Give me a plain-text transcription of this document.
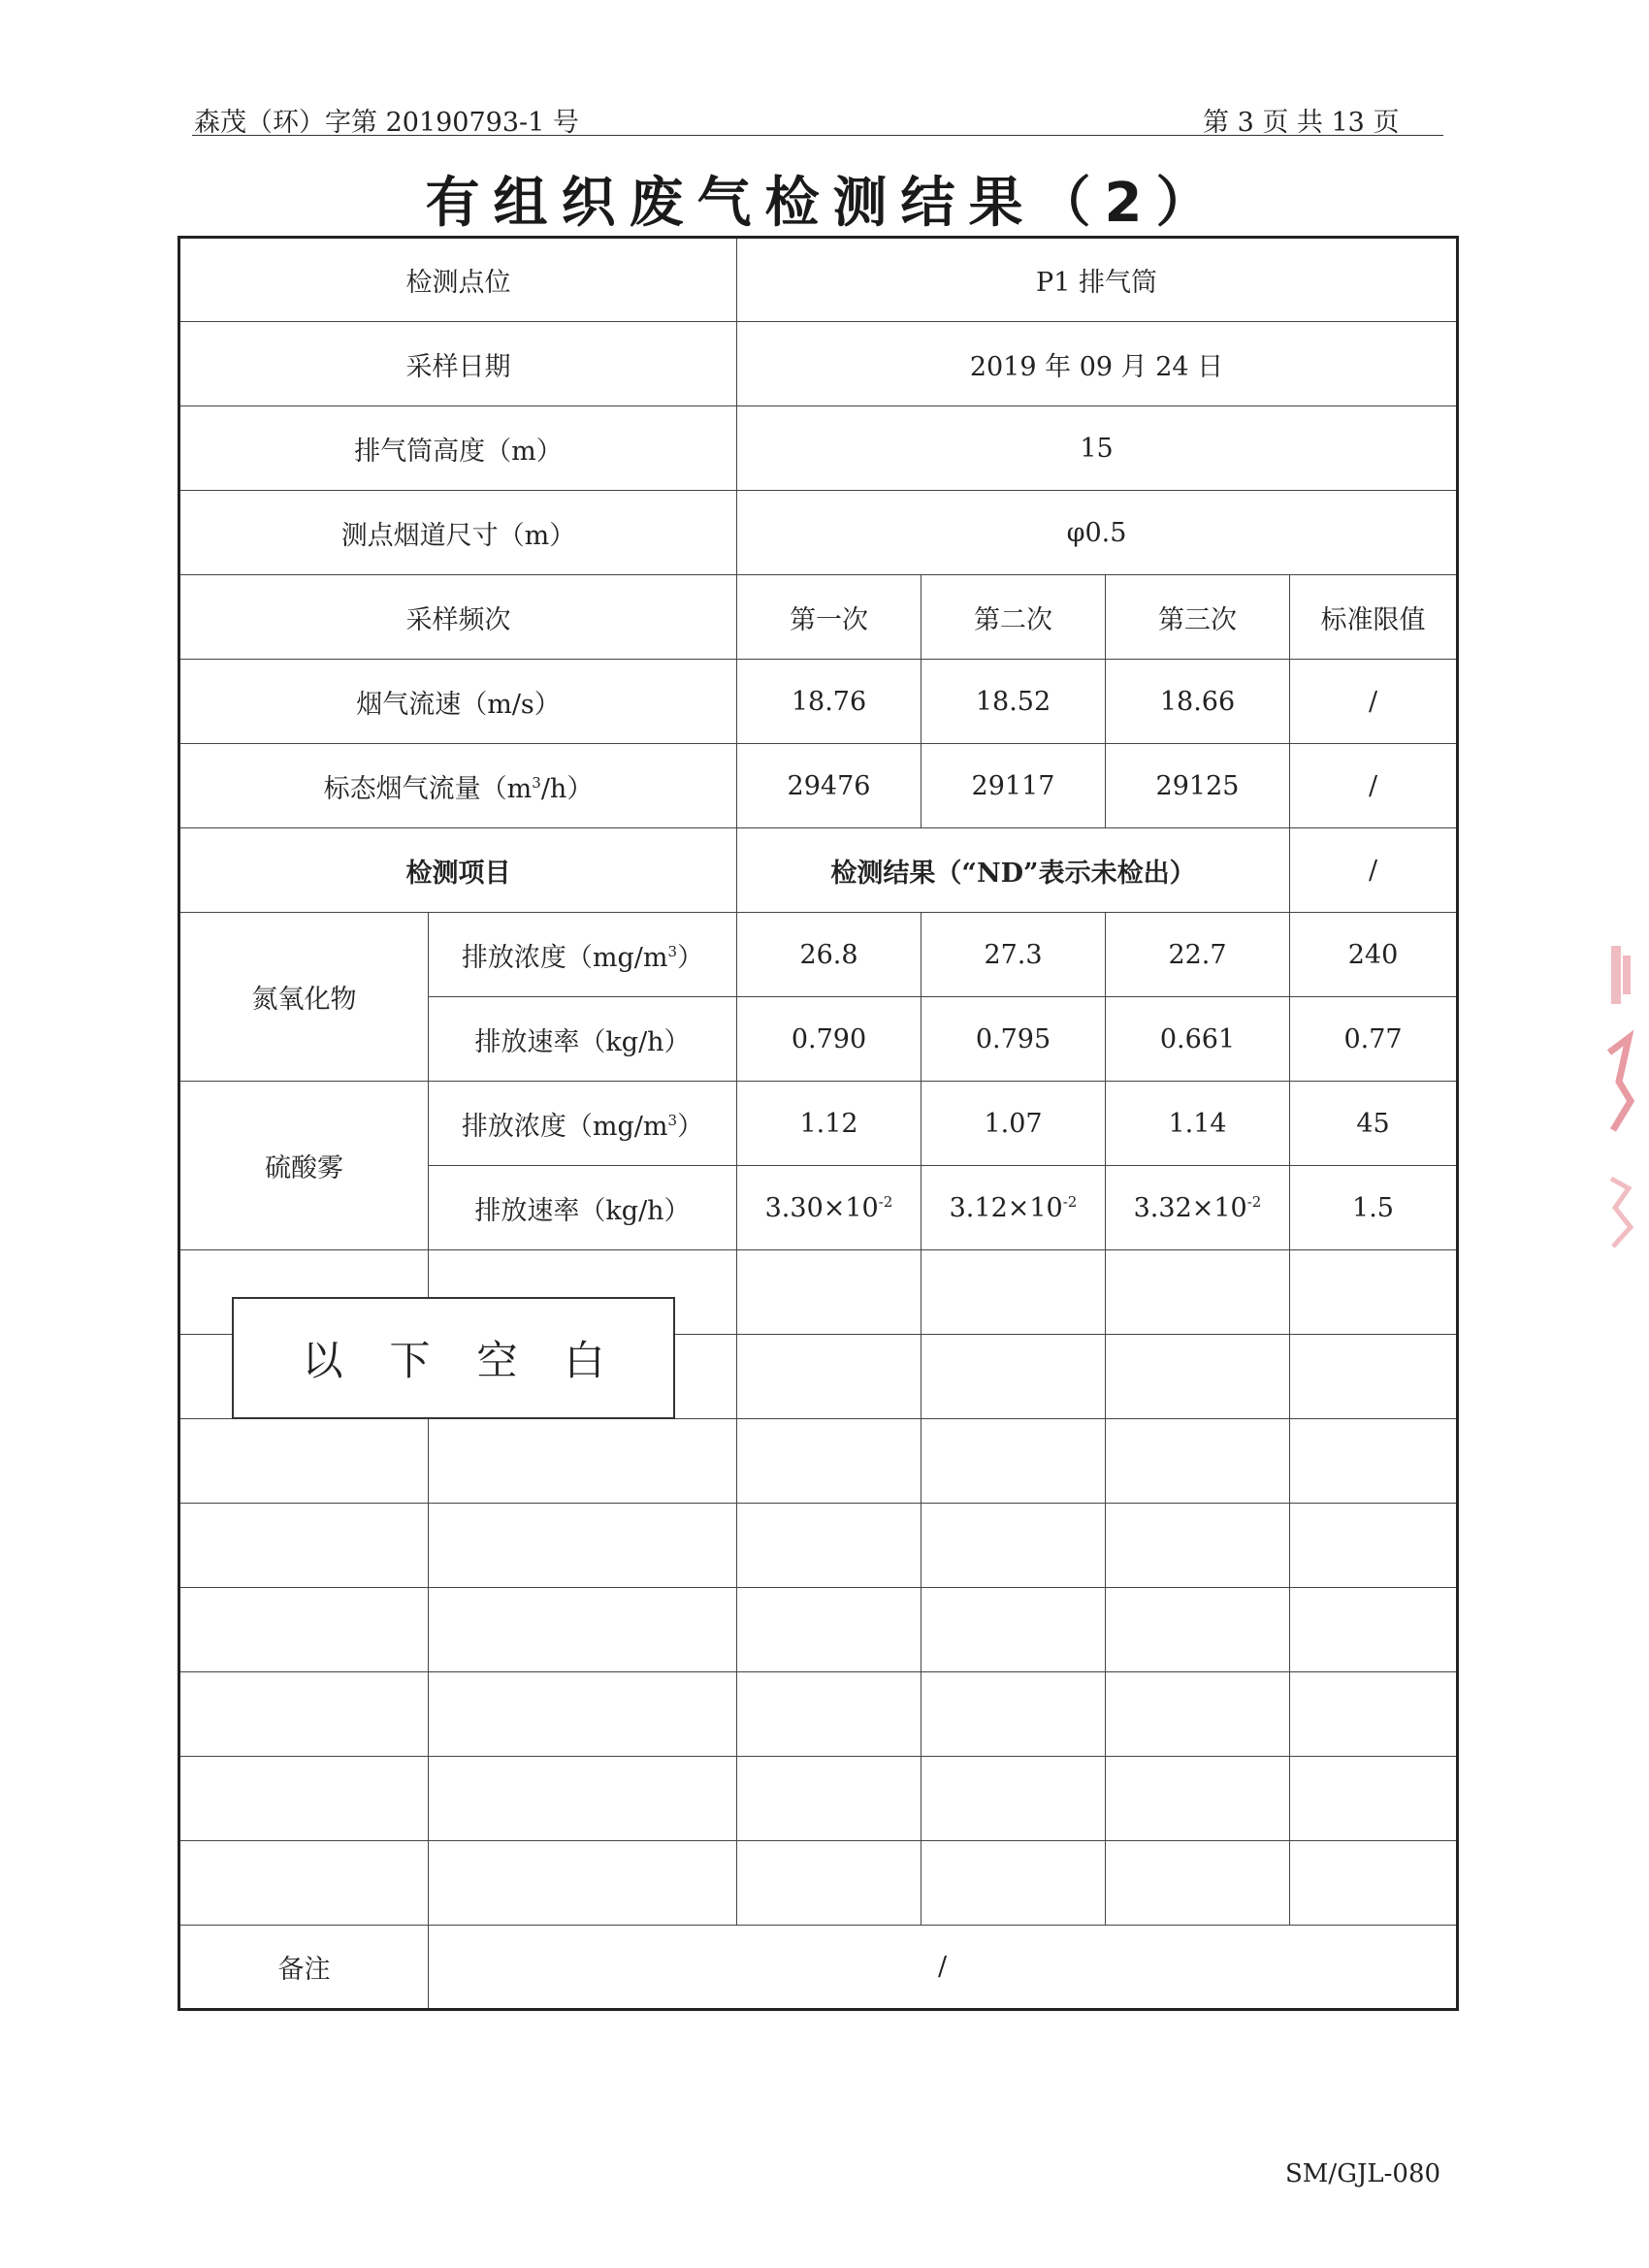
森茂（环）字第 20190793-1 号	第 3 页 共 13 页
有组织废气检测结果（2）
检测点位		P1 排气筒			
采样日期		2019 年 09 月 24 日			
排气筒高度（m）		15			
测点烟道尺寸（m）		φ0.5			
采样频次		第一次	第二次	第三次	标准限值
烟气流速（m/s）		18.76	18.52	18.66	/
标态烟气流量$(m^3/h)$		29476	29117	29125	/
检测项目		检测结果（“ND”表示未检出）			/
氮氧化物	排放浓度$(mg/m^3)$	26.8	27.3	22.7	240
	排放速率（kg/h）	0.790	0.795	0.661	0.77
硫酸雾	排放浓度$(mg/m^3)$	1.12	1.07	1.14	45
	排放速率（kg/h）	$3.30\times 10^{-2}$	$3.12\times 10^{-2}$	$3.32\times 10^{-2}$	1.5

备注	/				
以下空白
SM/GJL-080
